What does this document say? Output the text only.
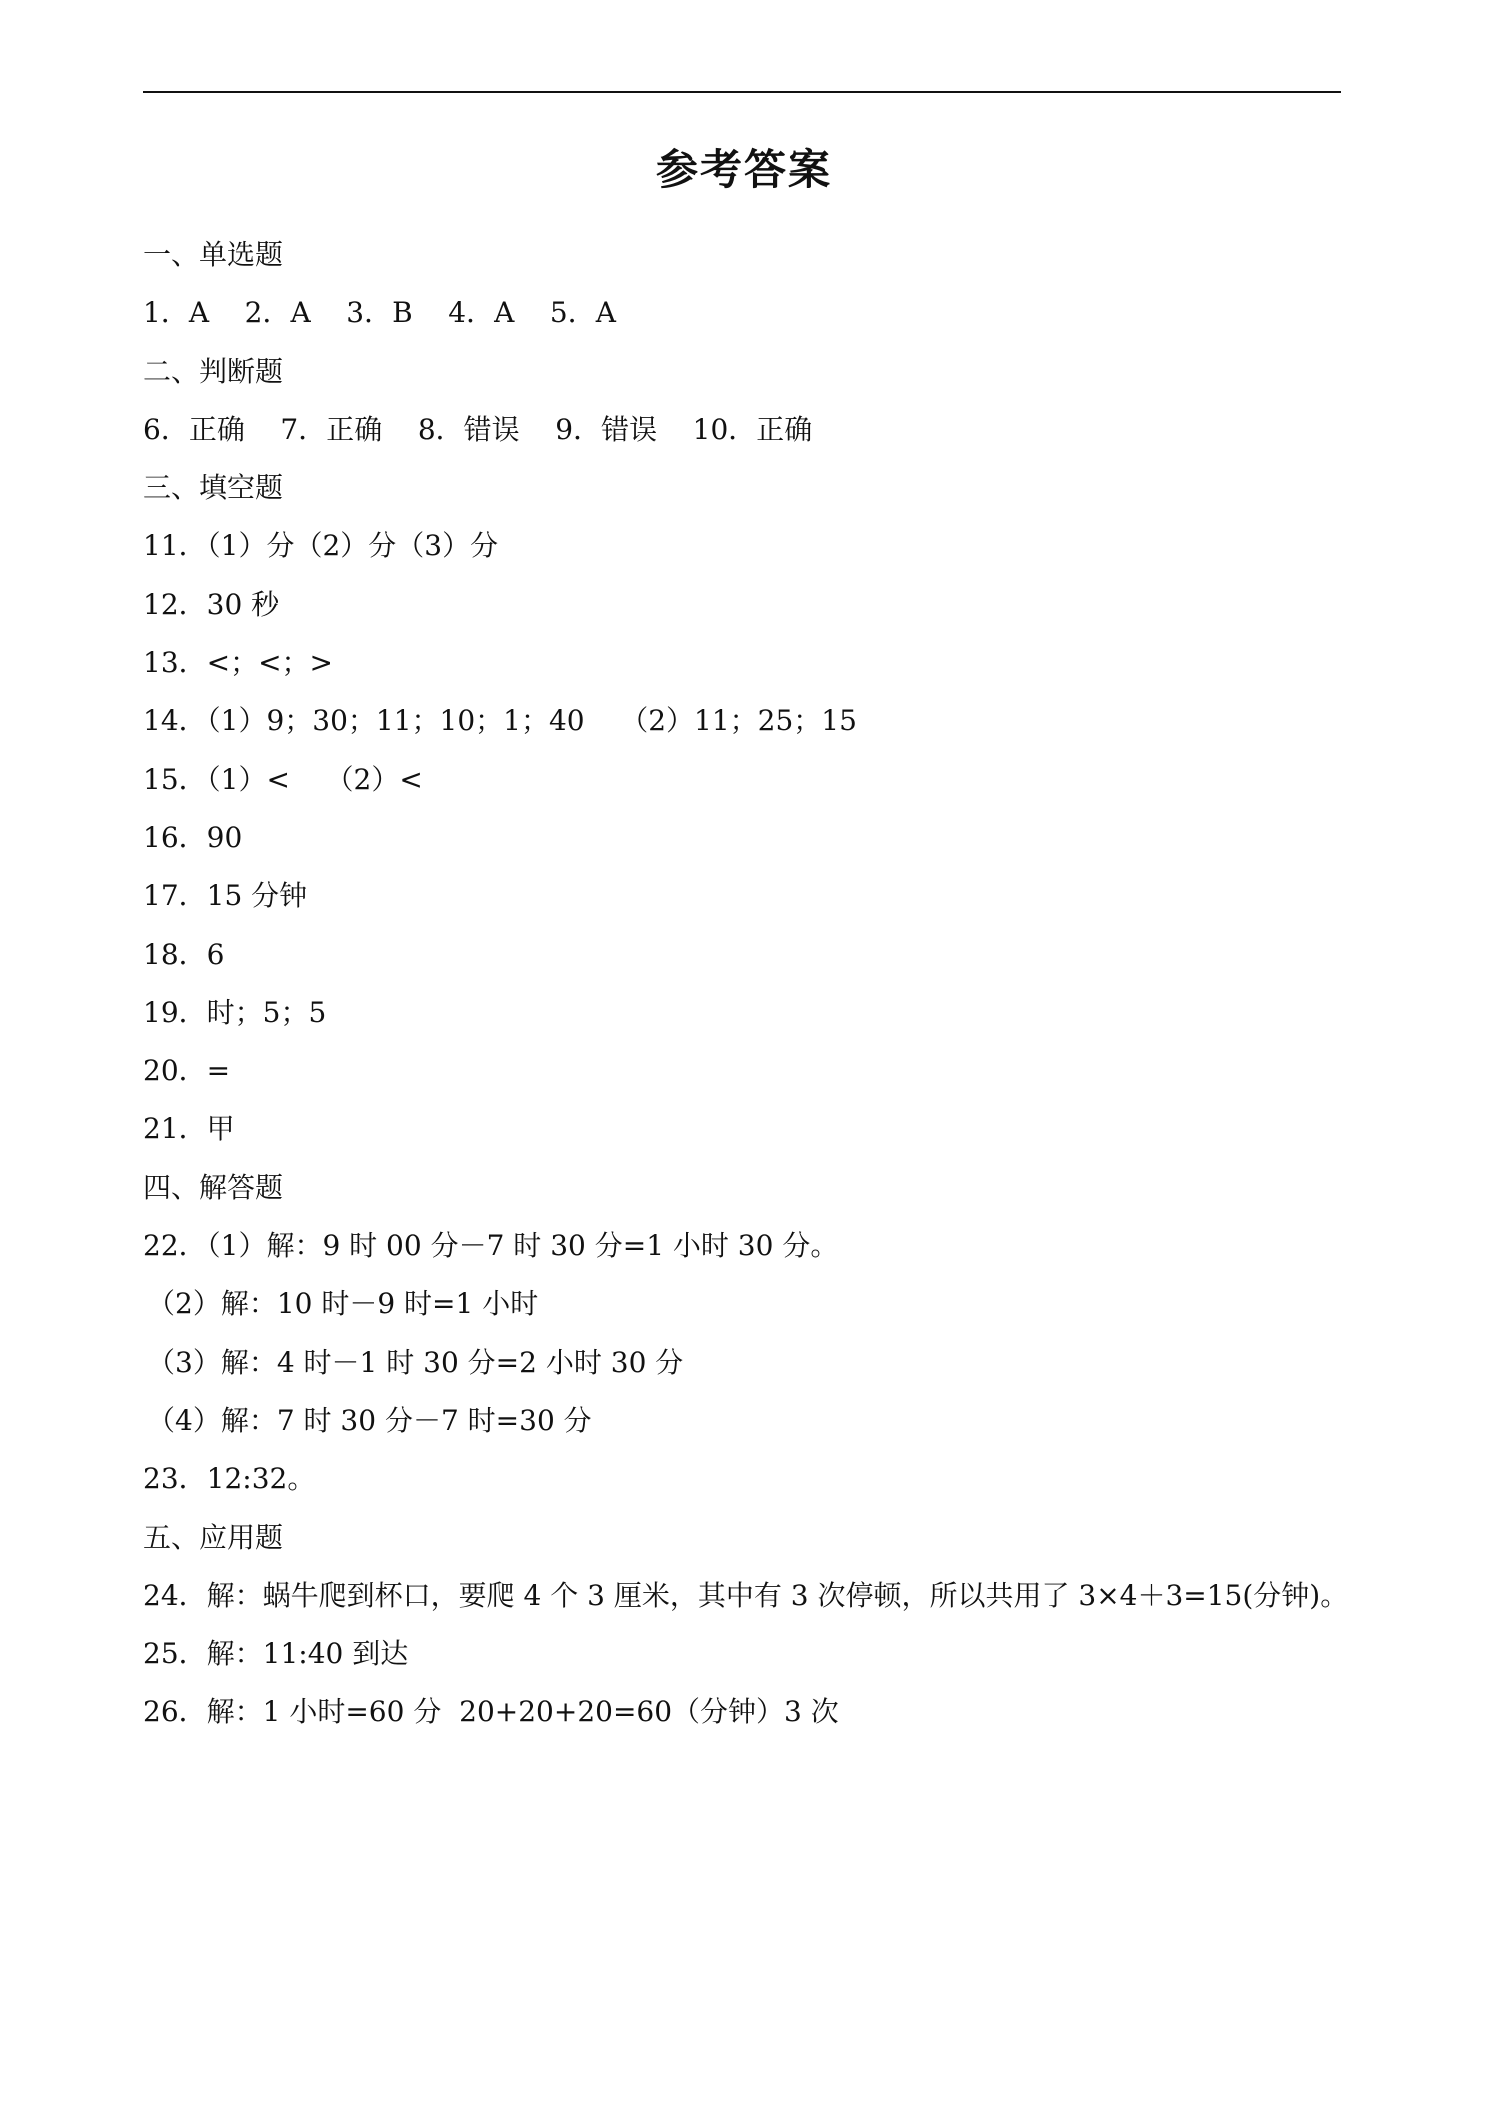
参考答案
一、单选题
1．A    2．A    3．B    4．A    5．A
二、判断题
6．正确    7．正确    8．错误    9．错误    10．正确
三、填空题
11．（1）分（2）分（3）分
12．30 秒
13．<；<；>
14．（1）9；30；11；10；1；40    （2）11；25；15
15．（1）<    （2）<
16．90
17．15 分钟
18．6
19．时；5；5
20．=
21．甲
四、解答题
22．（1）解：9 时 00 分－7 时 30 分=1 小时 30 分。
（2）解：10 时－9 时=1 小时
（3）解：4 时－1 时 30 分=2 小时 30 分
（4）解：7 时 30 分－7 时=30 分
23．12:32。
五、应用题
24．解：蜗牛爬到杯口，要爬 4 个 3 厘米，其中有 3 次停顿，所以共用了 3×4＋3=15(分钟)。
25．解：11:40 到达
26．解：1 小时=60 分  20+20+20=60（分钟）3 次
